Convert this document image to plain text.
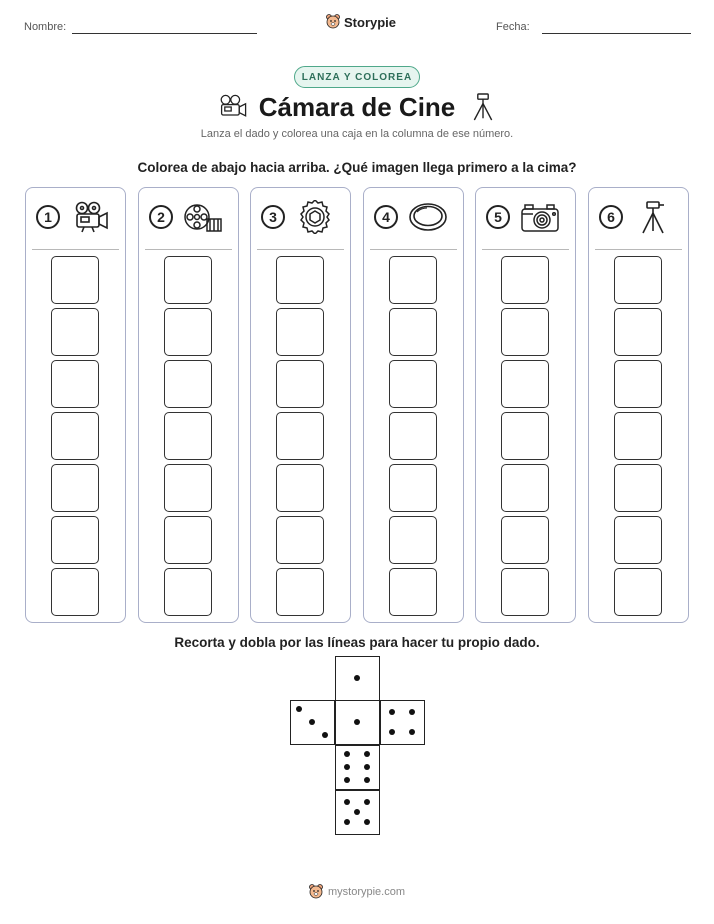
Nombre:	Storypie	Fecha:
LANZA Y COLOREA
Cámara de Cine
Lanza el dado y colorea una caja en la columna de ese número.
Colorea de abajo hacia arriba. ¿Qué imagen llega primero a la cima?
1	2	3	4	5	6
Recorta y dobla por las líneas para hacer tu propio dado.
mystorypie.com
